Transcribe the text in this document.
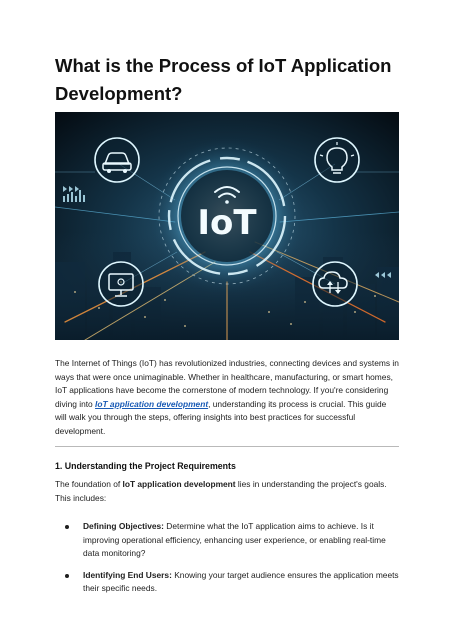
What is the Process of IoT Application Development?
IoT

The Internet of Things (IoT) has revolutionized industries, connecting devices and systems in ways that were once unimaginable. Whether in healthcare, manufacturing, or smart homes, IoT applications have become the cornerstone of modern technology. If you're considering diving into IoT application development, understanding its process is crucial. This guide will walk you through the steps, offering insights into best practices for successful development.

1. Understanding the Project Requirements

The foundation of IoT application development lies in understanding the project's goals. This includes:

Defining Objectives: Determine what the IoT application aims to achieve. Is it improving operational efficiency, enhancing user experience, or enabling real-time data monitoring?
Identifying End Users: Knowing your target audience ensures the application meets their specific needs.
